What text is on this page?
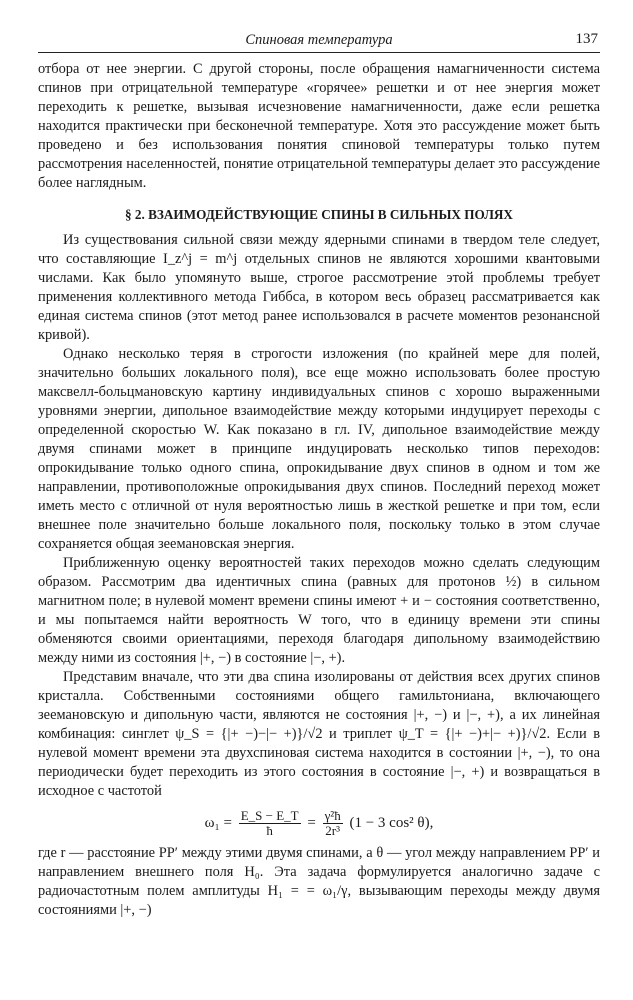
Спиновая температура	137

отбора от нее энергии. С другой стороны, после обращения намагниченности система спинов при отрицательной температуре «горячее» решетки и от нее энергия может переходить к решетке, вызывая исчезновение намагниченности, даже если решетка находится практически при бесконечной температуре. Хотя это рассуждение может быть проведено и без использования понятия спиновой температуры только путем рассмотрения населенностей, понятие отрицательной температуры делает это рассуждение более наглядным.

§ 2. ВЗАИМОДЕЙСТВУЮЩИЕ СПИНЫ В СИЛЬНЫХ ПОЛЯХ

Из существования сильной связи между ядерными спинами в твердом теле следует, что составляющие I_z^j = m^j отдельных спинов не являются хорошими квантовыми числами. Как было упомянуто выше, строгое рассмотрение этой проблемы требует применения коллективного метода Гиббса, в котором весь образец рассматривается как единая система спинов (этот метод ранее использовался в расчете моментов резонансной кривой).

Однако несколько теряя в строгости изложения (по крайней мере для полей, значительно больших локального поля), все еще можно использовать более простую максвелл-больцмановскую картину индивидуальных спинов с хорошо выраженными уровнями энергии, дипольное взаимодействие между которыми индуцирует переходы с определенной скоростью W. Как показано в гл. IV, дипольное взаимодействие между двумя спинами может в принципе индуцировать несколько типов переходов: опрокидывание только одного спина, опрокидывание двух спинов в одном и том же направлении, противоположные опрокидывания двух спинов. Последний переход может иметь место с отличной от нуля вероятностью лишь в жесткой решетке и при том, если внешнее поле значительно больше локального поля, поскольку только в этом случае сохраняется общая зеемановская энергия.

Приближенную оценку вероятностей таких переходов можно сделать следующим образом. Рассмотрим два идентичных спина (равных для протонов ½) в сильном магнитном поле; в нулевой момент времени спины имеют + и − состояния соответственно, и мы попытаемся найти вероятность W того, что в единицу времени эти спины обменяются своими ориентациями, переходя благодаря дипольному взаимодействию между ними из состояния |+, −) в состояние |−, +).

Представим вначале, что эти два спина изолированы от действия всех других спинов кристалла. Собственными состояниями общего гамильтониана, включающего зеемановскую и дипольную части, являются не состояния |+, −) и |−, +), а их линейная комбинация: синглет ψ_S = {|+ −)−|− +)}/√2 и триплет ψ_T = {|+ −)+|− +)}/√2. Если в нулевой момент времени эта двухспиновая система находится в состоянии |+, −), то она периодически будет переходить из этого состояния в состояние |−, +) и возвращаться в исходное с частотой

$\omega_1 = \frac{E\_S - E\_T}{ħ} = \frac{\text{γ²ħ}}{\text{2r³}} (1 - 3$ cos² θ),

где r — расстояние PP′ между этими двумя спинами, а θ — угол между направлением PP′ и направлением внешнего поля H₀. Эта задача формулируется аналогично задаче с радиочастотным полем амплитуды H₁ = = ω₁/γ, вызывающим переходы между двумя состояниями |+, −)
